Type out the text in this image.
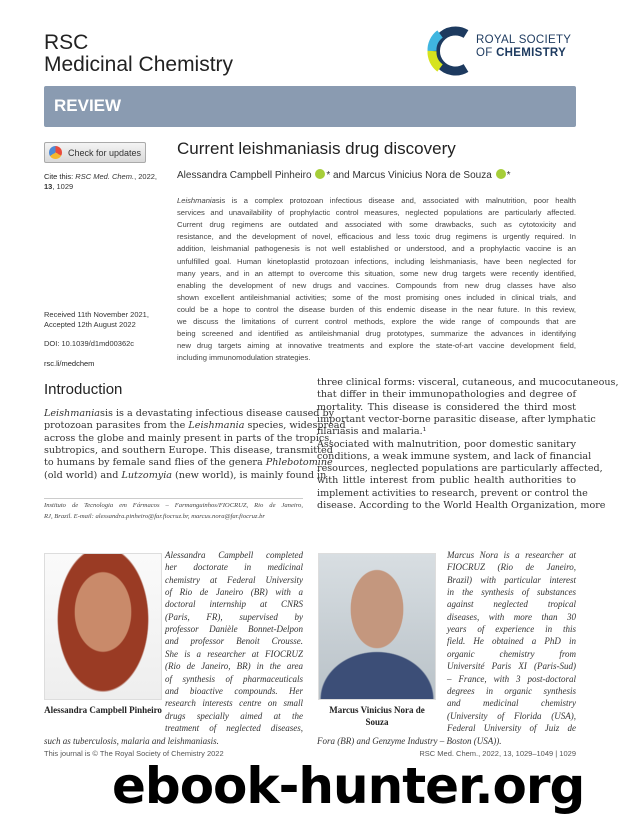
RSC
Medicinal Chemistry
ROYAL SOCIETY
OF CHEMISTRY
REVIEW
Check for updates
Cite this: RSC Med. Chem., 2022, 13, 1029
Received 11th November 2021,
Accepted 12th August 2022
DOI: 10.1039/d1md00362c
rsc.li/medchem
Current leishmaniasis drug discovery
Alessandra Campbell Pinheiro * and Marcus Vinicius Nora de Souza *
Leishmaniasis is a complex protozoan infectious disease and, associated with malnutrition, poor health
services and unavailability of prophylactic control measures, neglected populations are particularly affected.
Current drug regimens are outdated and associated with some drawbacks, such as cytotoxicity and
resistance, and the development of novel, efficacious and less toxic drug regimens is urgently required. In
addition, leishmanial pathogenesis is not well established or understood, and a prophylactic vaccine is an
unfulfilled goal. Human kinetoplastid protozoan infections, including leishmaniasis, have been neglected for
many years, and in an attempt to overcome this situation, some new drug targets were recently identified,
enabling the development of new drugs and vaccines. Compounds from new drug classes have also
shown excellent antileishmanial activities; some of the most promising ones included in clinical trials, and
could be a hope to control the disease burden of this endemic disease in the near future. In this review,
we discuss the limitations of current control methods, explore the wide range of compounds that are
being screened and identified as antileishmanial drug prototypes, summarize the advances in identifying
new drug targets aiming at innovative treatments and explore the state-of-art vaccine development field,
including immunomodulation strategies.
Introduction
Leishmaniasis is a devastating infectious disease caused by
protozoan parasites from the Leishmania species, widespread
across the globe and mainly present in parts of the tropics,
subtropics, and southern Europe. This disease, transmitted
to humans by female sand flies of the genera Phlebotomine
(old world) and Lutzomyia (new world), is mainly found in
three clinical forms: visceral, cutaneous, and mucocutaneous,
that differ in their immunopathologies and degree of
mortality. This disease is considered the third most
important vector-borne parasitic disease, after lymphatic
filariasis and malaria.¹
Associated with malnutrition, poor domestic sanitary
conditions, a weak immune system, and lack of financial
resources, neglected populations are particularly affected,
with little interest from public health authorities to
implement activities to research, prevent or control the
disease. According to the World Health Organization, more
Instituto de Tecnologia em Fármacos – Farmanguinhos/FIOCRUZ, Rio de Janeiro,
RJ, Brazil. E-mail: alessandra.pinheiro@far.fiocruz.br, marcus.nora@far.fiocruz.br
Alessandra Campbell Pinheiro	Marcus Vinicius Nora de Souza
Alessandra Campbell completed
her doctorate in medicinal
chemistry at Federal University
of Rio de Janeiro (BR) with a
doctoral internship at CNRS
(Paris, FR), supervised by
professor Danièle Bonnet-Delpon
and professor Benoit Crousse.
She is a researcher at FIOCRUZ
(Rio de Janeiro, BR) in the area
of synthesis of pharmaceuticals
and bioactive compounds. Her
research interests centre on small
drugs specially aimed at the
treatment of neglected diseases,
such as tuberculosis, malaria and leishmaniasis.
Marcus Nora is a researcher at
FIOCRUZ (Rio de Janeiro,
Brazil) with particular interest
in the synthesis of substances
against neglected tropical
diseases, with more than 30
years of experience in this
field. He obtained a PhD in
organic chemistry from
Université Paris XI (Paris-Sud)
– France, with 3 post-doctoral
degrees in organic synthesis
and medicinal chemistry
(University of Florida (USA),
Federal University of Juiz de
Fora (BR) and Genzyme Industry – Boston (USA)).
This journal is © The Royal Society of Chemistry 2022	RSC Med. Chem., 2022, 13, 1029–1049 | 1029
ebook-hunter.org
